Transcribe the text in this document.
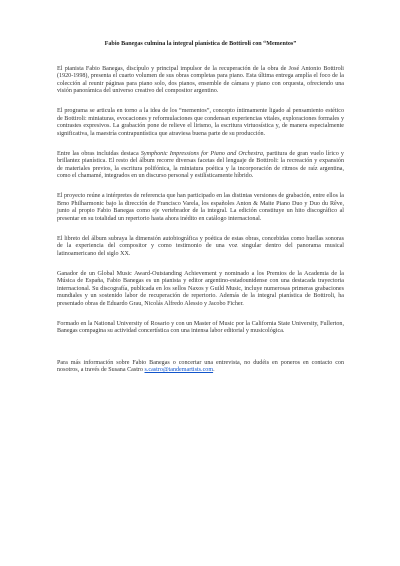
Fabio Banegas culmina la integral pianística de Bottiroli con “Mementos”

El pianista Fabio Banegas, discípulo y principal impulsor de la recuperación de la obra de José Antonio Bottiroli (1920-1998), presenta el cuarto volumen de sus obras completas para piano. Esta última entrega amplía el foco de la colección al reunir páginas para piano solo, dos pianos, ensemble de cámara y piano con orquesta, ofreciendo una visión panorámica del universo creativo del compositor argentino.

El programa se articula en torno a la idea de los “mementos”, concepto íntimamente ligado al pensamiento estético de Bottiroli: miniaturas, evocaciones y reformulaciones que condensan experiencias vitales, exploraciones formales y contrastes expresivos. La grabación pone de relieve el lirismo, la escritura virtuosística y, de manera especialmente significativa, la maestría contrapuntística que atraviesa buena parte de su producción.

Entre las obras incluidas destaca Symphonic Impressions for Piano and Orchestra, partitura de gran vuelo lírico y brillantez pianística. El resto del álbum recorre diversas facetas del lenguaje de Bottiroli: la recreación y expansión de materiales previos, la escritura polifónica, la miniatura poética y la incorporación de ritmos de raíz argentina, como el chamamé, integrados en un discurso personal y estilísticamente híbrido.

El proyecto reúne a intérpretes de referencia que han participado en las distintas versiones de grabación, entre ellos la Brno Philharmonic bajo la dirección de Francisco Varela, los españoles Anton & Maite Piano Duo y Duo du Rêve, junto al propio Fabio Banegas como eje vertebrador de la integral. La edición constituye un hito discográfico al presentar en su totalidad un repertorio hasta ahora inédito en catálogo internacional.

El libreto del álbum subraya la dimensión autobiográfica y poética de estas obras, concebidas como huellas sonoras de la experiencia del compositor y como testimonio de una voz singular dentro del panorama musical latinoamericano del siglo XX.

Ganador de un Global Music Award-Outstanding Achievement y nominado a los Premios de la Academia de la Música de España, Fabio Banegas es un pianista y editor argentino-estadounidense con una destacada trayectoria internacional. Su discografía, publicada en los sellos Naxos y Guild Music, incluye numerosas primeras grabaciones mundiales y un sostenido labor de recuperación de repertorio. Además de la integral pianística de Bottiroli, ha presentado obras de Eduardo Grau, Nicolás Alfredo Alessio y Jacobo Ficher.

Formado en la National University of Rosario y con un Master of Music por la California State University, Fullerton, Banegas compagina su actividad concertística con una intensa labor editorial y musicológica.

Para más información sobre Fabio Banegas o concertar una entrevista, no dudéis en poneros en contacto con nosotros, a través de Susana Castro s.castro@tandemartists.com.
